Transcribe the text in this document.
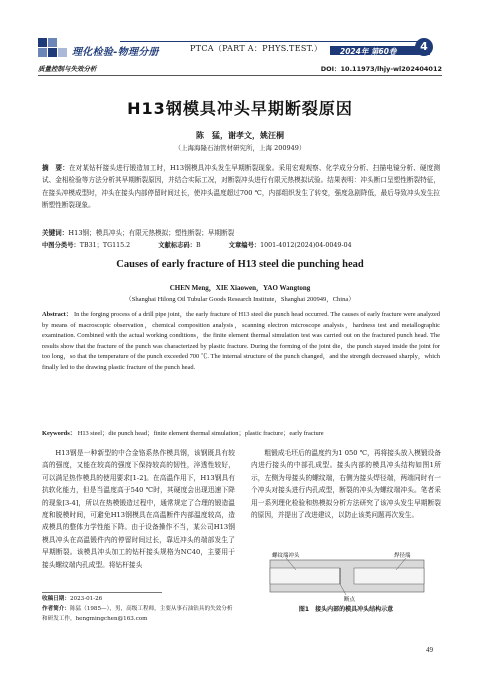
理化检验-物理分册	PTCA（PART A：PHYS.TEST.） 2024年 第60卷	4
质量控制与失效分析	DOI：10.11973/lhjy-wl202404012
H13钢模具冲头早期断裂原因
陈　猛，谢孝文，姚汪桐
（上海海隆石油管材研究所，上海 200949）
摘　要：在对某钻杆接头进行锻造加工时，H13钢模具冲头发生早期断裂现象。采用宏观观察、化学成分分析、扫描电镜分析、硬度测试、金相检验等方法分析其早期断裂原因，并结合实际工况，对断裂冲头进行有限元热模拟试验。结果表明：冲头断口呈塑性断裂特征，在接头冲模成型时，冲头在接头内部停留时间过长，使冲头温度超过700 ℃，内部组织发生了转变，强度急剧降低，最后导致冲头发生拉断塑性断裂现象。
关键词：H13钢；模具冲头；有限元热模拟；塑性断裂；早期断裂
中图分类号：TB31；TG115.2	文献标志码：B	文章编号：1001-4012(2024)04-0049-04
Causes of early fracture of H13 steel die punching head
CHEN Meng，XIE Xiaowen，YAO Wangtong
（Shanghai Hilong Oil Tubular Goods Research Institute，Shanghai 200949，China）
Abstract： In the forging process of a drill pipe joint，the early fracture of H13 steel die punch head occurred. The causes of early fracture were analyzed by means of macroscopic observation，chemical composition analysis，scanning electron microscope analysis，hardness test and metallographic examination. Combined with the actual working conditions，the finite element thermal simulation test was carried out on the fractured punch head. The results show that the fracture of the punch was characterized by plastic fracture. During the forming of the joint die，the punch stayed inside the joint for too long，so that the temperature of the punch exceeded 700 ℃. The internal structure of the punch changed，and the strength decreased sharply，which finally led to the drawing plastic fracture of the punch head.
Keywords： H13 steel；die punch head；finite element thermal simulation；plastic fracture；early fracture

H13钢是一种新型的中合金铬系热作模具钢，该钢既具有较高的强度，又能在较高的强度下保持较高的韧性，淬透性较好，可以满足热作模具的使用要求[1-2]。在高温作用下，H13钢具有抗软化能力，但是当温度高于540 ℃时，其硬度会出现迅速下降的现象[3-4]，所以在热模锻造过程中，通常规定了合理的锻造温度和脱模时间，可避免H13钢模具在高温断件内部温度较高，造成模具的整体力学性能下降。由于设备操作不当，某公司H13钢模具冲头在高温锻件内的停留时间过长，靠近冲头的端部发生了早期断裂。该模具冲头加工的钻杆接头规格为NC40，主要用于接头螺纹端内孔成型。将钻杆接头

粗锻成毛坯后的温度约为1 050 ℃，再将接头放入模锻设备内进行接头的中部孔成型。接头内部的模具冲头结构如图1所示，左侧为母接头的螺纹端，右侧为接头焊径端，两端同时有一个冲头对接头进行内孔成型，断裂的冲头为螺纹端冲头。笔者采用一系列理化检验和热模拟分析方法研究了该冲头发生早期断裂的原因，并提出了改进建议，以防止该类问题再次发生。

螺纹端冲头	焊径端
断点
图1　接头内部的模具冲头结构示意
收稿日期：2023-01-26
作者简介：陈猛（1985—），男，高级工程师，主要从事石油钻具的失效分析和研发工作，hengmingchen@163.com
49
